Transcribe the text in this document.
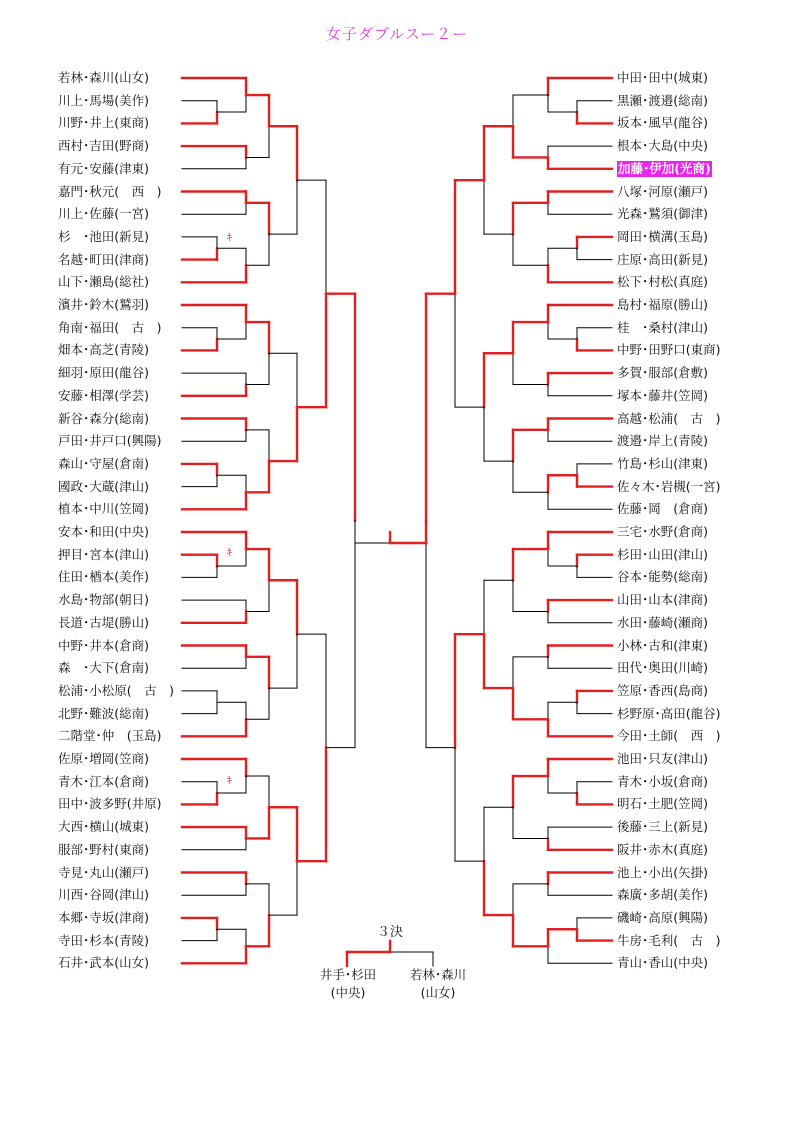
女子ダブルスー２ー
若林･森川(山女)
川上･馬場(美作)
川野･井上(東商)
西村･吉田(野商)
有元･安藤(津東)
嘉門･秋元(　西　)
川上･佐藤(一宮)
杉　･池田(新見)
名越･町田(津商)
山下･瀬島(総社)
濱井･鈴木(鷲羽)
角南･福田(　古　)
畑本･高芝(青陵)
細羽･原田(龍谷)
安藤･相澤(学芸)
新谷･森分(総南)
戸田･井戸口(興陽)
森山･守屋(倉南)
國政･大蔵(津山)
植本･中川(笠岡)
安本･和田(中央)
押目･宮本(津山)
住田･楢本(美作)
水島･物部(朝日)
長道･古堤(勝山)
中野･井本(倉商)
森　･大下(倉南)
松浦･小松原(　古　)
北野･難波(総南)
二階堂･仲　(玉島)
佐原･増岡(笠商)
青木･江本(倉商)
田中･波多野(井原)
大西･横山(城東)
服部･野村(東商)
寺見･丸山(瀬戸)
川西･谷岡(津山)
本郷･寺坂(津商)
寺田･杉本(青陵)
石井･武本(山女)
中田･田中(城東)
黒瀬･渡邉(総南)
坂本･風早(龍谷)
根本･大島(中央)
加藤･伊加(光商)
八塚･河原(瀬戸)
光森･鷲須(御津)
岡田･横溝(玉島)
庄原･高田(新見)
松下･村松(真庭)
島村･福原(勝山)
桂　･桑村(津山)
中野･田野口(東商)
多賀･服部(倉敷)
塚本･藤井(笠岡)
高越･松浦(　古　)
渡邉･岸上(青陵)
竹島･杉山(津東)
佐々木･岩槻(一宮)
佐藤･岡　(倉商)
三宅･水野(倉商)
杉田･山田(津山)
谷本･能勢(総南)
山田･山本(津商)
水田･藤崎(瀬商)
小林･古和(津東)
田代･奥田(川崎)
笠原･香西(島商)
杉野原･高田(龍谷)
今田･土師(　西　)
池田･只友(津山)
青木･小坂(倉商)
明石･土肥(笠岡)
後藤･三上(新見)
阪井･赤木(真庭)
池上･小出(矢掛)
森廣･多胡(美作)
磯崎･高原(興陽)
牛房･毛利(　古　)
青山･香山(中央)
ｷ
ｷ
ｷ
３決
井手･杉田
(中央)
若林･森川
(山女)
